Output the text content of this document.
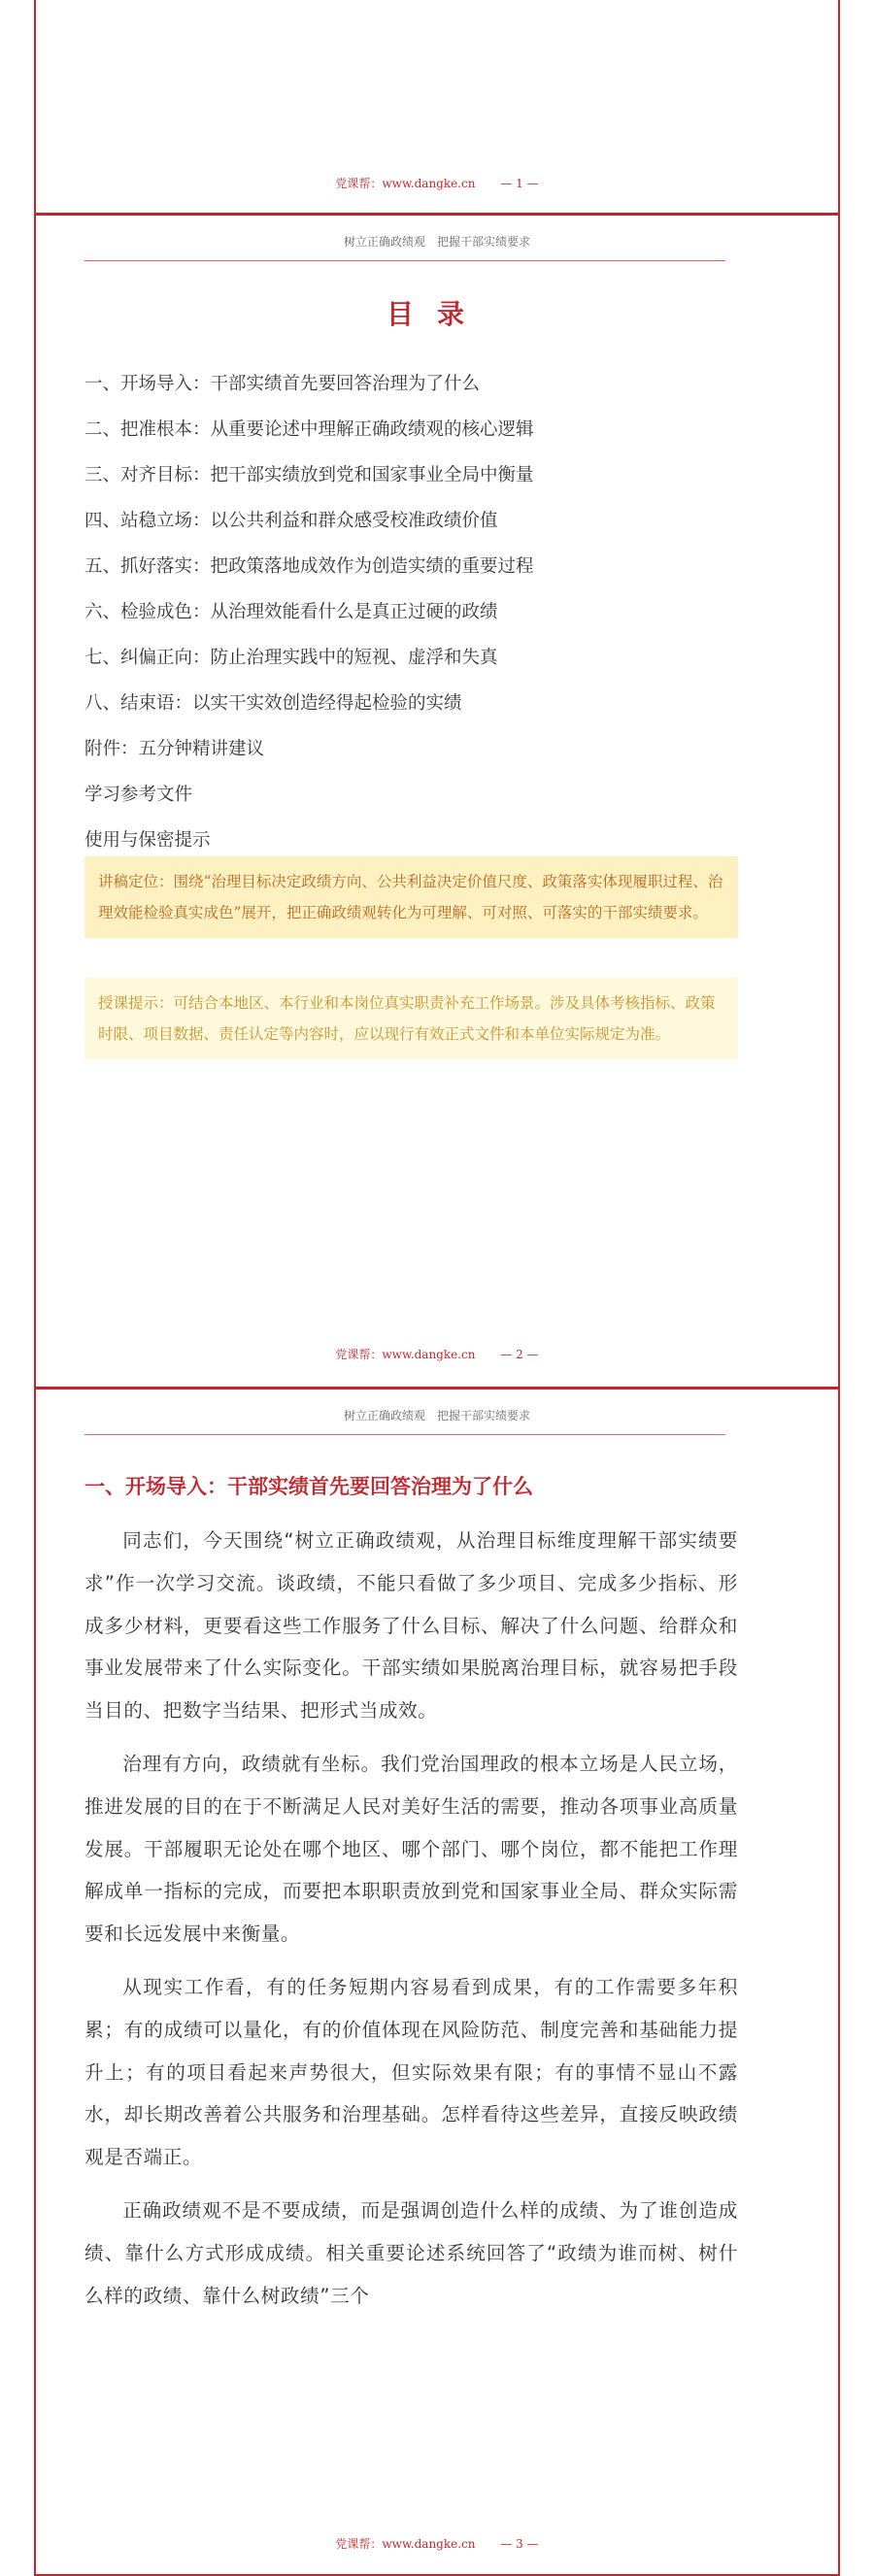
党课帮：www.dangke.cn — 1 —
树立正确政绩观　把握干部实绩要求
目录
一、开场导入：干部实绩首先要回答治理为了什么
二、把准根本：从重要论述中理解正确政绩观的核心逻辑
三、对齐目标：把干部实绩放到党和国家事业全局中衡量
四、站稳立场：以公共利益和群众感受校准政绩价值
五、抓好落实：把政策落地成效作为创造实绩的重要过程
六、检验成色：从治理效能看什么是真正过硬的政绩
七、纠偏正向：防止治理实践中的短视、虚浮和失真
八、结束语：以实干实效创造经得起检验的实绩
附件：五分钟精讲建议
学习参考文件
使用与保密提示
讲稿定位：围绕“治理目标决定政绩方向、公共利益决定价值尺度、政策落实体现履职过程、治理效能检验真实成色”展开，把正确政绩观转化为可理解、可对照、可落实的干部实绩要求。
授课提示：可结合本地区、本行业和本岗位真实职责补充工作场景。涉及具体考核指标、政策时限、项目数据、责任认定等内容时，应以现行有效正式文件和本单位实际规定为准。
党课帮：www.dangke.cn — 2 —
树立正确政绩观　把握干部实绩要求
一、开场导入：干部实绩首先要回答治理为了什么

同志们，今天围绕“树立正确政绩观，从治理目标维度理解干部实绩要求”作一次学习交流。谈政绩，不能只看做了多少项目、完成多少指标、形成多少材料，更要看这些工作服务了什么目标、解决了什么问题、给群众和事业发展带来了什么实际变化。干部实绩如果脱离治理目标，就容易把手段当目的、把数字当结果、把形式当成效。

治理有方向，政绩就有坐标。我们党治国理政的根本立场是人民立场，推进发展的目的在于不断满足人民对美好生活的需要，推动各项事业高质量发展。干部履职无论处在哪个地区、哪个部门、哪个岗位，都不能把工作理解成单一指标的完成，而要把本职职责放到党和国家事业全局、群众实际需要和长远发展中来衡量。

从现实工作看，有的任务短期内容易看到成果，有的工作需要多年积累；有的成绩可以量化，有的价值体现在风险防范、制度完善和基础能力提升上；有的项目看起来声势很大，但实际效果有限；有的事情不显山不露水，却长期改善着公共服务和治理基础。怎样看待这些差异，直接反映政绩观是否端正。

正确政绩观不是不要成绩，而是强调创造什么样的成绩、为了谁创造成绩、靠什么方式形成成绩。相关重要论述系统回答了“政绩为谁而树、树什么样的政绩、靠什么树政绩”三个

党课帮：www.dangke.cn — 3 —
